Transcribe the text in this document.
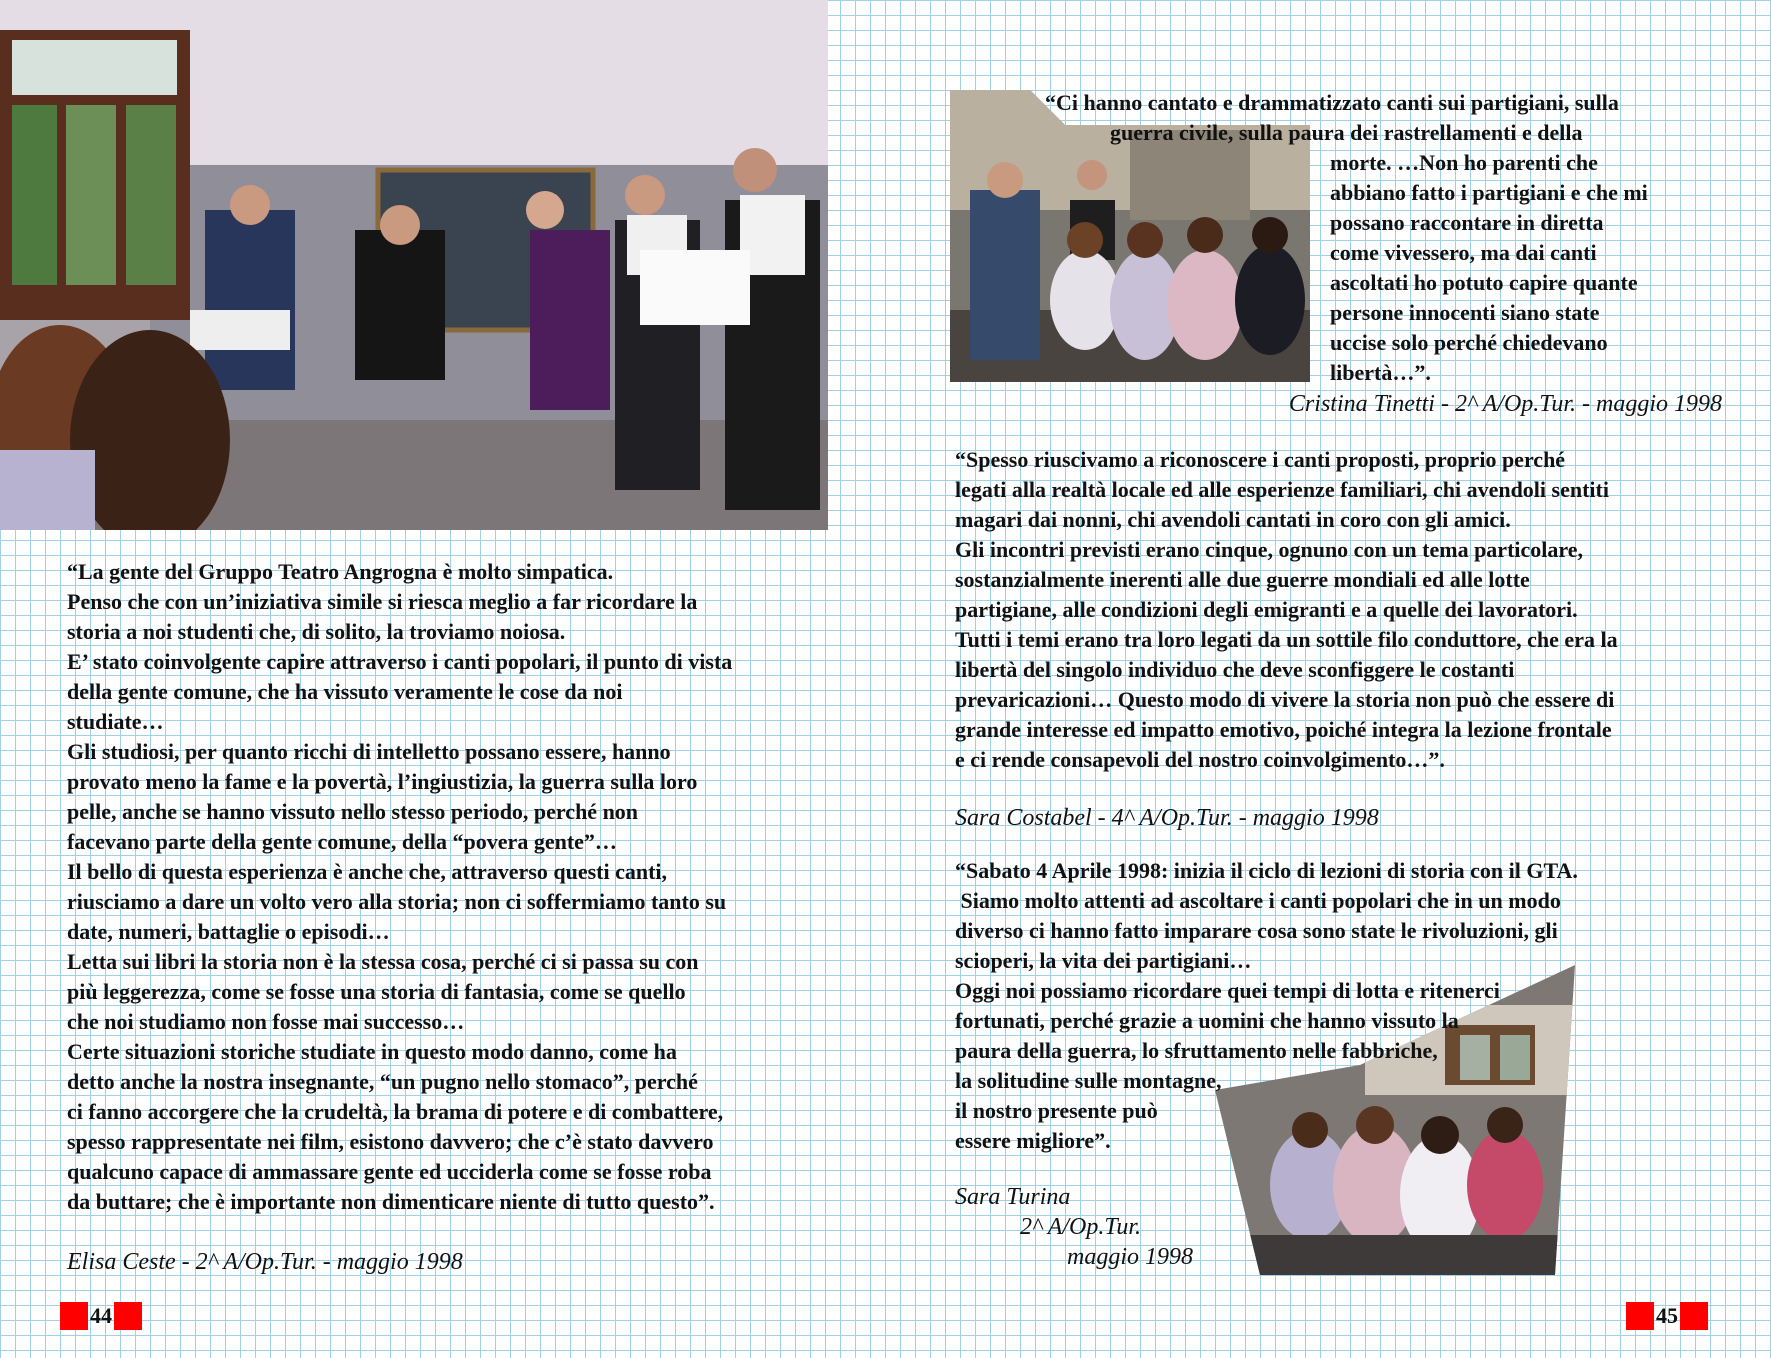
“La gente del Gruppo Teatro Angrogna è molto simpatica.

Penso che con un’iniziativa simile si riesca meglio a far ricordare la

storia a noi studenti che, di solito, la troviamo noiosa.

E’ stato coinvolgente capire attraverso i canti popolari, il punto di vista

della gente comune, che ha vissuto veramente le cose da noi

studiate…

Gli studiosi, per quanto ricchi di intelletto possano essere, hanno

provato meno la fame e la povertà, l’ingiustizia, la guerra sulla loro

pelle, anche se hanno vissuto nello stesso periodo, perché non

facevano parte della gente comune, della “povera gente”…

Il bello di questa esperienza è anche che, attraverso questi canti,

riusciamo a dare un volto vero alla storia; non ci soffermiamo tanto su

date, numeri, battaglie o episodi…

Letta sui libri la storia non è la stessa cosa, perché ci si passa su con

più leggerezza, come se fosse una storia di fantasia, come se quello

che noi studiamo non fosse mai successo…

Certe situazioni storiche studiate in questo modo danno, come ha

detto anche la nostra insegnante, “un pugno nello stomaco”, perché

ci fanno accorgere che la crudeltà, la brama di potere e di combattere,

spesso rappresentate nei film, esistono davvero; che c’è stato davvero

qualcuno capace di ammassare gente ed ucciderla come se fosse roba

da buttare; che è importante non dimenticare niente di tutto questo”.

Elisa Ceste - 2^ A/Op.Tur. - maggio 1998
44

“Ci hanno cantato e drammatizzato canti sui partigiani, sulla

guerra civile, sulla paura dei rastrellamenti e della

morte. …Non ho parenti che

abbiano fatto i partigiani e che mi

possano raccontare in diretta

come vivessero, ma dai canti

ascoltati ho potuto capire quante

persone innocenti siano state

uccise solo perché chiedevano

libertà…”.

Cristina Tinetti - 2^ A/Op.Tur. - maggio 1998

“Spesso riuscivamo a riconoscere i canti proposti, proprio perché

legati alla realtà locale ed alle esperienze familiari, chi avendoli sentiti

magari dai nonni, chi avendoli cantati in coro con gli amici.

Gli incontri previsti erano cinque, ognuno con un tema particolare,

sostanzialmente inerenti alle due guerre mondiali ed alle lotte

partigiane, alle condizioni degli emigranti e a quelle dei lavoratori.

Tutti i temi erano tra loro legati da un sottile filo conduttore, che era la

libertà del singolo individuo che deve sconfiggere le costanti

prevaricazioni… Questo modo di vivere la storia non può che essere di

grande interesse ed impatto emotivo, poiché integra la lezione frontale

e ci rende consapevoli del nostro coinvolgimento…”.

Sara Costabel - 4^ A/Op.Tur. - maggio 1998

“Sabato 4 Aprile 1998: inizia il ciclo di lezioni di storia con il GTA.

Siamo molto attenti ad ascoltare i canti popolari che in un modo

diverso ci hanno fatto imparare cosa sono state le rivoluzioni, gli

scioperi, la vita dei partigiani…

Oggi noi possiamo ricordare quei tempi di lotta e ritenerci

fortunati, perché grazie a uomini che hanno vissuto la

paura della guerra, lo sfruttamento nelle fabbriche,

la solitudine sulle montagne,

il nostro presente può

essere migliore”.

Sara Turina
2^ A/Op.Tur.
maggio 1998
45
